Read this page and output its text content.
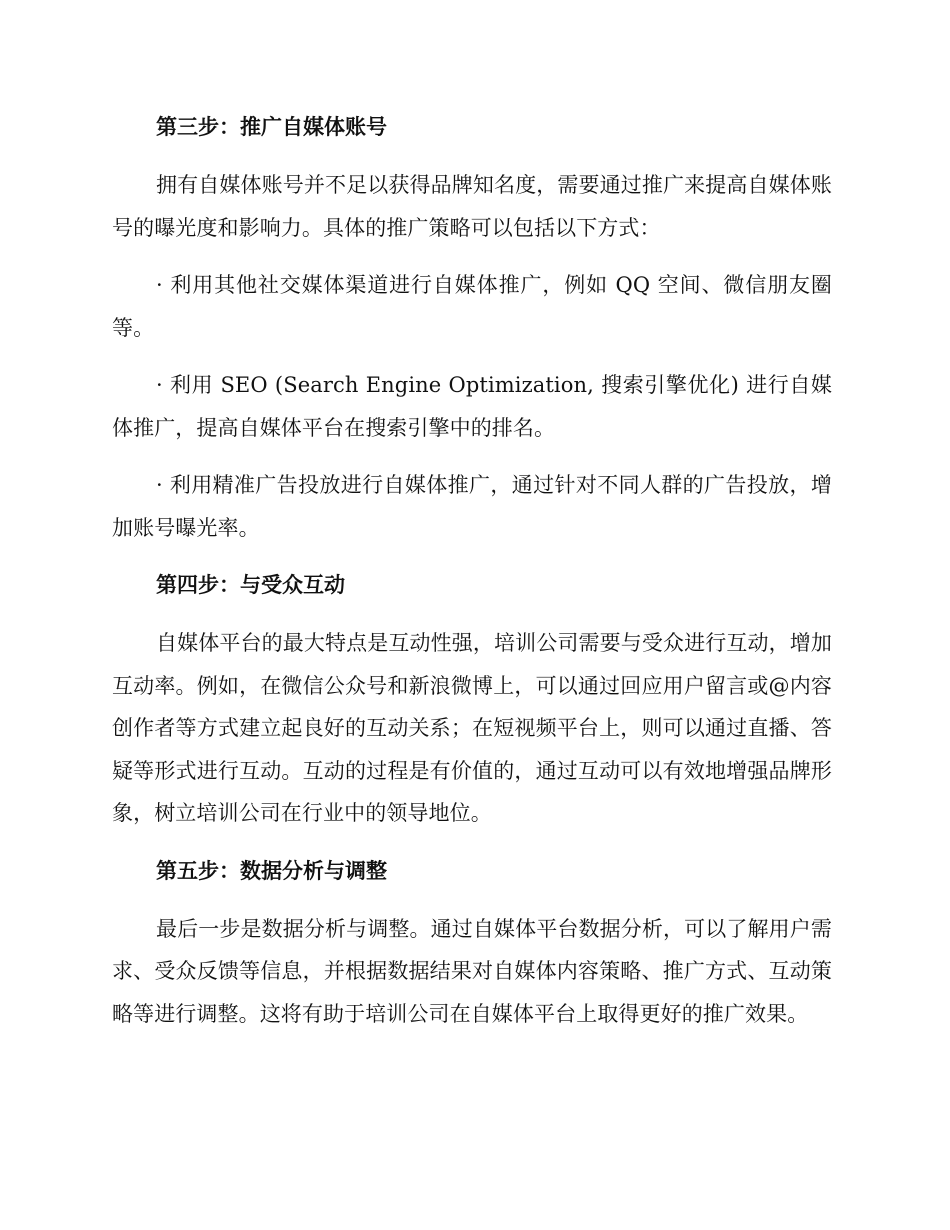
第三步：推广自媒体账号

拥有自媒体账号并不足以获得品牌知名度，需要通过推广来提高自媒体账号的曝光度和影响力。具体的推广策略可以包括以下方式：

· 利用其他社交媒体渠道进行自媒体推广，例如 QQ 空间、微信朋友圈等。

· 利用 SEO (Search Engine Optimization, 搜索引擎优化) 进行自媒体推广，提高自媒体平台在搜索引擎中的排名。

· 利用精准广告投放进行自媒体推广，通过针对不同人群的广告投放，增加账号曝光率。

第四步：与受众互动

自媒体平台的最大特点是互动性强，培训公司需要与受众进行互动，增加互动率。例如，在微信公众号和新浪微博上，可以通过回应用户留言或@内容创作者等方式建立起良好的互动关系；在短视频平台上，则可以通过直播、答疑等形式进行互动。互动的过程是有价值的，通过互动可以有效地增强品牌形象，树立培训公司在行业中的领导地位。

第五步：数据分析与调整

最后一步是数据分析与调整。通过自媒体平台数据分析，可以了解用户需求、受众反馈等信息，并根据数据结果对自媒体内容策略、推广方式、互动策略等进行调整。这将有助于培训公司在自媒体平台上取得更好的推广效果。
